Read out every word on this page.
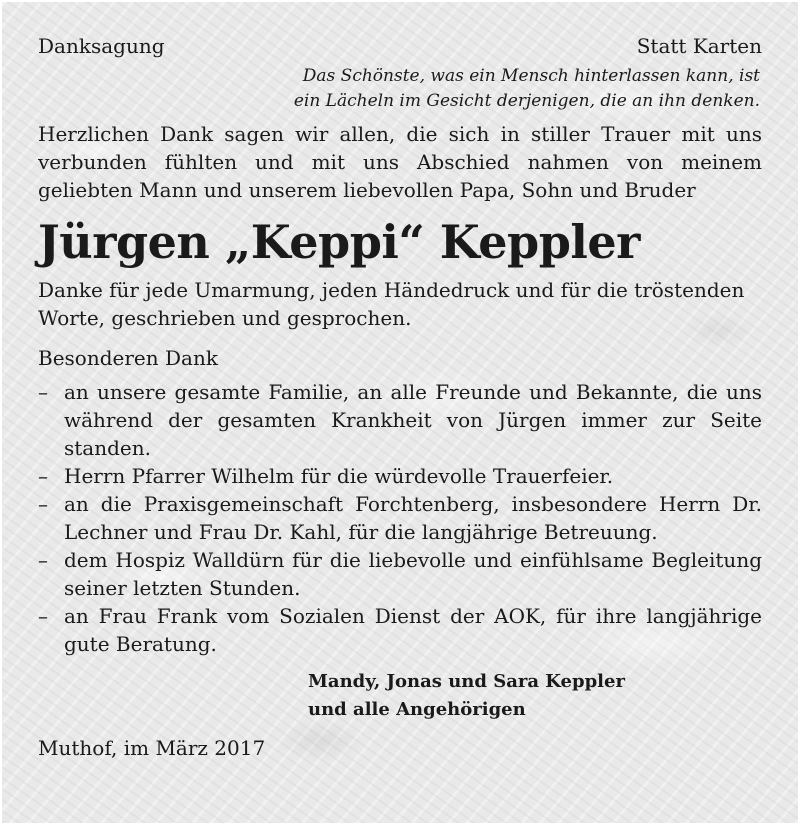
Danksagung	Statt Karten
Das Schönste, was ein Mensch hinterlassen kann, ist
ein Lächeln im Gesicht derjenigen, die an ihn denken.
Herzlichen Dank sagen wir allen, die sich in stiller Trauer mit uns verbunden fühlten und mit uns Abschied nahmen von meinem geliebten Mann und unserem liebevollen Papa, Sohn und Bruder
Jürgen „Keppi“ Keppler
Danke für jede Umarmung, jeden Händedruck und für die tröstenden Worte, geschrieben und gesprochen.
Besonderen Dank
– an unsere gesamte Familie, an alle Freunde und Bekannte, die uns während der gesamten Krankheit von Jürgen immer zur Seite standen.
– Herrn Pfarrer Wilhelm für die würdevolle Trauerfeier.
– an die Praxisgemeinschaft Forchtenberg, insbesondere Herrn Dr. Lechner und Frau Dr. Kahl, für die langjährige Betreuung.
– dem Hospiz Walldürn für die liebevolle und einfühlsame Begleitung seiner letzten Stunden.
– an Frau Frank vom Sozialen Dienst der AOK, für ihre langjährige gute Beratung.
Mandy, Jonas und Sara Keppler
und alle Angehörigen
Muthof, im März 2017
